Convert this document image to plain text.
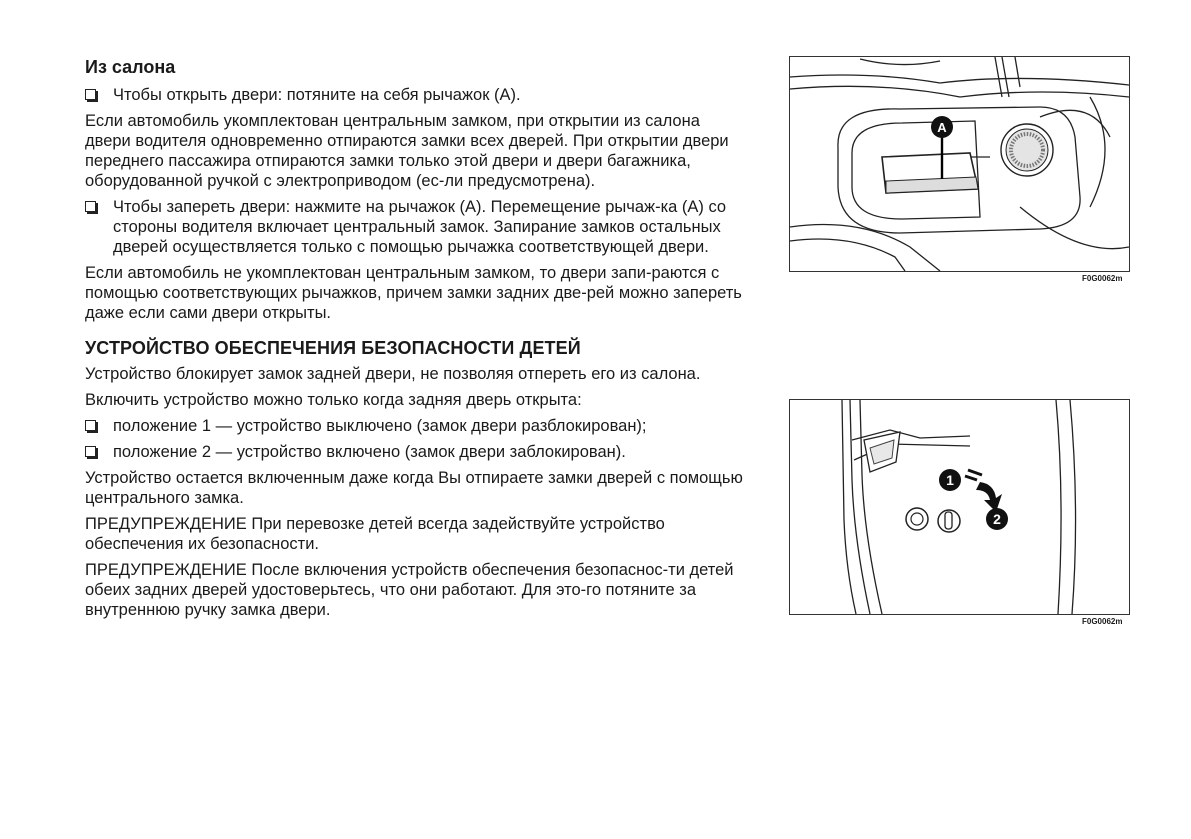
Из салона
Чтобы открыть двери: потяните на себя рычажок (А).

Если автомобиль укомплектован центральным замком, при открытии из салона двери водителя одновременно отпираются замки всех дверей. При открытии двери переднего пассажира отпираются замки только этой двери и двери багажника, оборудованной ручкой с электроприводом (ес-ли предусмотрена).

Чтобы запереть двери: нажмите на рычажок (А). Перемещение рычаж-ка (А) со стороны водителя включает центральный замок. Запирание замков остальных дверей осуществляется только с помощью рычажка соответствующей двери.

Если автомобиль не укомплектован центральным замком, то двери запи-раются с помощью соответствующих рычажков, причем замки задних две-рей можно запереть даже если сами двери открыты.

УСТРОЙСТВО ОБЕСПЕЧЕНИЯ БЕЗОПАСНОСТИ ДЕТЕЙ

Устройство блокирует замок задней двери, не позволяя отпереть его из салона.

Включить устройство можно только когда задняя дверь открыта:

положение 1 — устройство выключено (замок двери разблокирован);
положение 2 — устройство включено (замок двери заблокирован).

Устройство остается включенным даже когда Вы отпираете замки дверей с помощью центрального замка.

ПРЕДУПРЕЖДЕНИЕ При перевозке детей всегда задействуйте устройство обеспечения их безопасности.

ПРЕДУПРЕЖДЕНИЕ После включения устройств обеспечения безопаснос-ти детей обеих задних дверей удостоверьтесь, что они работают. Для это-го потяните за внутреннюю ручку замка двери.

A
F0G0062m
1
2
F0G0062m
